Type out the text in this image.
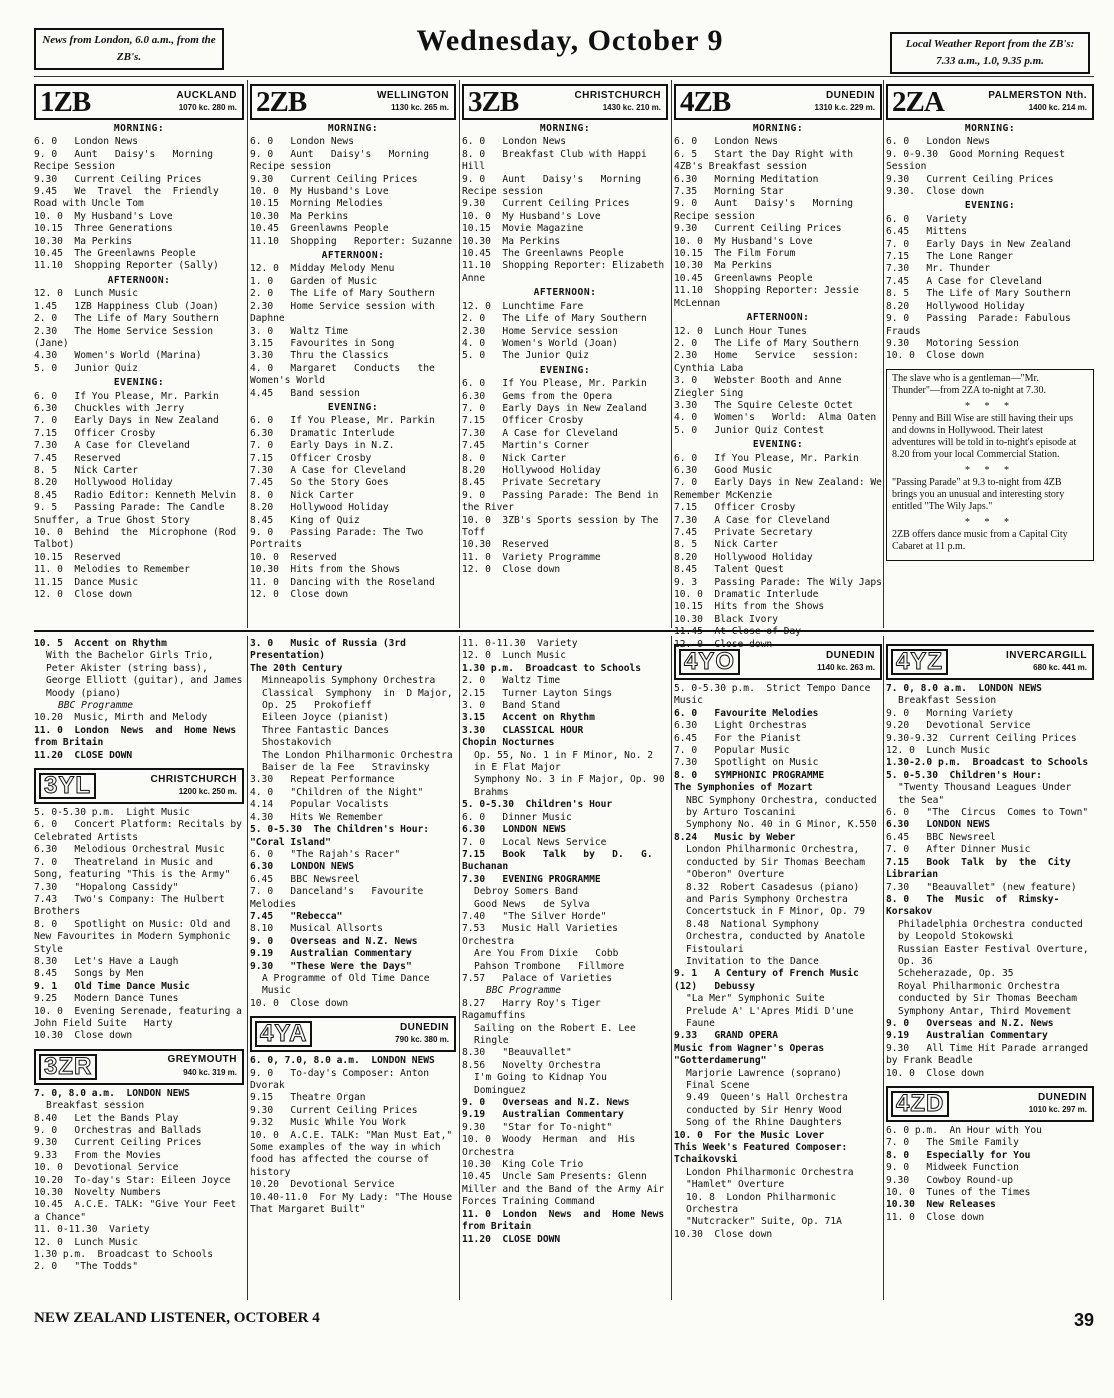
News from London, 6.0 a.m., from the ZB's.
Wednesday, October 9	Local Weather Report from the ZB's: 7.33 a.m., 1.0, 9.35 p.m.
1ZB	AUCKLAND
1070 kc. 280 m.
MORNING:
6. 0   London News
9. 0   Aunt   Daisy's   Morning Recipe Session
9.30   Current Ceiling Prices
9.45   We  Travel  the  Friendly Road with Uncle Tom
10. 0  My Husband's Love
10.15  Three Generations
10.30  Ma Perkins
10.45  The Greenlawns People
11.10  Shopping Reporter (Sally)
AFTERNOON:
12. 0  Lunch Music
1.45   1ZB Happiness Club (Joan)
2. 0   The Life of Mary Southern
2.30   The Home Service Session (Jane)
4.30   Women's World (Marina)
5. 0   Junior Quiz
EVENING:
6. 0   If You Please, Mr. Parkin
6.30   Chuckles with Jerry
7. 0   Early Days in New Zealand
7.15   Officer Crosby
7.30   A Case for Cleveland
7.45   Reserved
8. 5   Nick Carter
8.20   Hollywood Holiday
8.45   Radio Editor: Kenneth Melvin
9. 5   Passing Parade: The Candle Snuffer, a True Ghost Story
10. 0  Behind  the  Microphone (Rod Talbot)
10.15  Reserved
11. 0  Melodies to Remember
11.15  Dance Music
12. 0  Close down
2ZB	WELLINGTON
1130 kc. 265 m.
MORNING:
6. 0   London News
9. 0   Aunt   Daisy's   Morning Recipe session
9.30   Current Ceiling Prices
10. 0  My Husband's Love
10.15  Morning Melodies
10.30  Ma Perkins
10.45  Greenlawns People
11.10  Shopping   Reporter: Suzanne
AFTERNOON:
12. 0  Midday Melody Menu
1. 0   Garden of Music
2. 0   The Life of Mary Southern
2.30   Home Service session with Daphne
3. 0   Waltz Time
3.15   Favourites in Song
3.30   Thru the Classics
4. 0   Margaret   Conducts   the Women's World
4.45   Band session
EVENING:
6. 0   If You Please, Mr. Parkin
6.30   Dramatic Interlude
7. 0   Early Days in N.Z.
7.15   Officer Crosby
7.30   A Case for Cleveland
7.45   So the Story Goes
8. 0   Nick Carter
8.20   Hollywood Holiday
8.45   King of Quiz
9. 0   Passing Parade: The Two Portraits
10. 0  Reserved
10.30  Hits from the Shows
11. 0  Dancing with the Roseland
12. 0  Close down
3ZB	CHRISTCHURCH
1430 kc. 210 m.
MORNING:
6. 0   London News
8. 0   Breakfast Club with Happi Hill
9. 0   Aunt   Daisy's   Morning Recipe session
9.30   Current Ceiling Prices
10. 0  My Husband's Love
10.15  Movie Magazine
10.30  Ma Perkins
10.45  The Greenlawns People
11.10  Shopping Reporter: Elizabeth Anne
AFTERNOON:
12. 0  Lunchtime Fare
2. 0   The Life of Mary Southern
2.30   Home Service session
4. 0   Women's World (Joan)
5. 0   The Junior Quiz
EVENING:
6. 0   If You Please, Mr. Parkin
6.30   Gems from the Opera
7. 0   Early Days in New Zealand
7.15   Officer Crosby
7.30   A Case for Cleveland
7.45   Martin's Corner
8. 0   Nick Carter
8.20   Hollywood Holiday
8.45   Private Secretary
9. 0   Passing Parade: The Bend in the River
10. 0  3ZB's Sports session by The Toff
10.30  Reserved
11. 0  Variety Programme
12. 0  Close down
4ZB	DUNEDIN
1310 k.c. 229 m.
MORNING:
6. 0   London News
6. 5   Start the Day Right with 4ZB's Breakfast session
6.30   Morning Meditation
7.35   Morning Star
9. 0   Aunt   Daisy's   Morning Recipe session
9.30   Current Ceiling Prices
10. 0  My Husband's Love
10.15  The Film Forum
10.30  Ma Perkins
10.45  Greenlawns People
11.10  Shopping Reporter: Jessie McLennan
AFTERNOON:
12. 0  Lunch Hour Tunes
2. 0   The Life of Mary Southern
2.30   Home   Service   session: Cynthia Laba
3. 0   Webster Booth and Anne Ziegler Sing
3.30   The Squire Celeste Octet
4. 0   Women's   World:  Alma Oaten
5. 0   Junior Quiz Contest
EVENING:
6. 0   If You Please, Mr. Parkin
6.30   Good Music
7. 0   Early Days in New Zealand: We Remember McKenzie
7.15   Officer Crosby
7.30   A Case for Cleveland
7.45   Private Secretary
8. 5   Nick Carter
8.20   Hollywood Holiday
8.45   Talent Quest
9. 3   Passing Parade: The Wily Japs
10. 0  Dramatic Interlude
10.15  Hits from the Shows
10.30  Black Ivory
11.45  At Close of Day
12. 0  Close down
2ZA	PALMERSTON Nth.
1400 kc. 214 m.
MORNING:
6. 0   London News
9. 0-9.30  Good Morning Request Session
9.30   Current Ceiling Prices
9.30.  Close down
EVENING:
6. 0   Variety
6.45   Mittens
7. 0   Early Days in New Zealand
7.15   The Lone Ranger
7.30   Mr. Thunder
7.45   A Case for Cleveland
8. 5   The Life of Mary Southern
8.20   Hollywood Holiday
9. 0   Passing  Parade: Fabulous Frauds
9.30   Motoring Session
10. 0  Close down

The slave who is a gentleman—"Mr. Thunder"—from 2ZA to-night at 7.30.

* * *

Penny and Bill Wise are still having their ups and downs in Hollywood. Their latest adventures will be told in to-night's episode at 8.20 from your local Commercial Station.

* * *

"Passing Parade" at 9.3 to-night from 4ZB brings you an unusual and interesting story entitled "The Wily Japs."

* * *

2ZB offers dance music from a Capital City Cabaret at 11 p.m.

10. 5  Accent on Rhythm
With the Bachelor Girls Trio, Peter Akister (string bass), George Elliott (guitar), and James Moody (piano)
BBC Programme
10.20  Music, Mirth and Melody
11. 0  London  News  and  Home News from Britain
11.20  CLOSE DOWN
3YL	CHRISTCHURCH
1200 kc. 250 m.
5. 0-5.30 p.m.  Light Music
6. 0   Concert Platform: Recitals by Celebrated Artists
6.30   Melodious Orchestral Music
7. 0   Theatreland in Music and Song, featuring "This is the Army"
7.30   "Hopalong Cassidy"
7.43   Two's Company: The Hulbert Brothers
8. 0   Spotlight on Music: Old and New Favourites in Modern Symphonic Style
8.30   Let's Have a Laugh
8.45   Songs by Men
9. 1   Old Time Dance Music
9.25   Modern Dance Tunes
10. 0  Evening Serenade, featuring a John Field Suite   Harty
10.30  Close down
3ZR	GREYMOUTH
940 kc. 319 m.
7. 0, 8.0 a.m.  LONDON NEWS
Breakfast session
8.40   Let the Bands Play
9. 0   Orchestras and Ballads
9.30   Current Ceiling Prices
9.33   From the Movies
10. 0  Devotional Service
10.20  To-day's Star: Eileen Joyce
10.30  Novelty Numbers
10.45  A.C.E. TALK: "Give Your Feet a Chance"
11. 0-11.30  Variety
12. 0  Lunch Music
1.30 p.m.  Broadcast to Schools
2. 0   "The Todds"
3. 0   Music of Russia (3rd Presentation)
The 20th Century
Minneapolis Symphony Orchestra
Classical  Symphony  in  D Major, Op. 25   Prokofieff
Eileen Joyce (pianist)
Three Fantastic Dances   Shostakovich
The London Philharmonic Orchestra
Baiser de la Fee   Stravinsky
3.30   Repeat Performance
4. 0   "Children of the Night"
4.14   Popular Vocalists
4.30   Hits We Remember
5. 0-5.30  The Children's Hour: "Coral Island"
6. 0   "The Rajah's Racer"
6.30   LONDON NEWS
6.45   BBC Newsreel
7. 0   Danceland's   Favourite Melodies
7.45   "Rebecca"
8.10   Musical Allsorts
9. 0   Overseas and N.Z. News
9.19   Australian Commentary
9.30   "These Were the Days"
A Programme of Old Time Dance Music
10. 0  Close down
4YA	DUNEDIN
790 kc. 380 m.
6. 0, 7.0, 8.0 a.m.  LONDON NEWS
9. 0   To-day's Composer: Anton Dvorak
9.15   Theatre Organ
9.30   Current Ceiling Prices
9.32   Music While You Work
10. 0  A.C.E. TALK: "Man Must Eat," Some examples of the way in which food has affected the course of history
10.20  Devotional Service
10.40-11.0  For My Lady: "The House That Margaret Built"
11. 0-11.30  Variety
12. 0  Lunch Music
1.30 p.m.  Broadcast to Schools
2. 0   Waltz Time
2.15   Turner Layton Sings
3. 0   Band Stand
3.15   Accent on Rhythm
3.30   CLASSICAL HOUR
Chopin Nocturnes
Op. 55, No. 1 in F Minor, No. 2 in E Flat Major
Symphony No. 3 in F Major, Op. 90   Brahms
5. 0-5.30  Children's Hour
6. 0   Dinner Music
6.30   LONDON NEWS
7. 0   Local News Service
7.15   Book   Talk   by   D.   G. Buchanan
7.30   EVENING PROGRAMME
Debroy Somers Band
Good News   de Sylva
7.40   "The Silver Horde"
7.53   Music Hall Varieties Orchestra
Are You From Dixie   Cobb
Pahson Trombone   Fillmore
7.57   Palace of Varieties
BBC Programme
8.27   Harry Roy's Tiger Ragamuffins
Sailing on the Robert E. Lee   Ringle
8.30   "Beauvallet"
8.56   Novelty Orchestra
I'm Going to Kidnap You   Dominguez
9. 0   Overseas and N.Z. News
9.19   Australian Commentary
9.30   "Star for To-night"
10. 0  Woody  Herman  and  His Orchestra
10.30  King Cole Trio
10.45  Uncle Sam Presents: Glenn Miller and the Band of the Army Air Forces Training Command
11. 0  London  News  and  Home News from Britain
11.20  CLOSE DOWN
4YO	DUNEDIN
1140 kc. 263 m.
5. 0-5.30 p.m.  Strict Tempo Dance Music
6. 0   Favourite Melodies
6.30   Light Orchestras
6.45   For the Pianist
7. 0   Popular Music
7.30   Spotlight on Music
8. 0   SYMPHONIC PROGRAMME
The Symphonies of Mozart
NBC Symphony Orchestra, conducted by Arturo Toscanini
Symphony No. 40 in G Minor, K.550
8.24   Music by Weber
London Philharmonic Orchestra, conducted by Sir Thomas Beecham
"Oberon" Overture
8.32  Robert Casadesus (piano) and Paris Symphony Orchestra
Concertstuck in F Minor, Op. 79
8.48  National Symphony Orchestra, conducted by Anatole Fistoulari
Invitation to the Dance
9. 1   A Century of French Music (12)   Debussy
"La Mer" Symphonic Suite
Prelude A' L'Apres Midi D'une Faune
9.33   GRAND OPERA
Music from Wagner's Operas "Gotterdamerung"
Marjorie Lawrence (soprano)
Final Scene
9.49  Queen's Hall Orchestra conducted by Sir Henry Wood
Song of the Rhine Daughters
10. 0  For the Music Lover
This Week's Featured Composer: Tchaikovski
London Philharmonic Orchestra "Hamlet" Overture
10. 8  London Philharmonic Orchestra
"Nutcracker" Suite, Op. 71A
10.30  Close down
4YZ	INVERCARGILL
680 kc. 441 m.
7. 0, 8.0 a.m.  LONDON NEWS
Breakfast Session
9. 0   Morning Variety
9.20   Devotional Service
9.30-9.32  Current Ceiling Prices
12. 0  Lunch Music
1.30-2.0 p.m.  Broadcast to Schools
5. 0-5.30  Children's Hour:
"Twenty Thousand Leagues Under the Sea"
6. 0   "The  Circus  Comes to Town"
6.30   LONDON NEWS
6.45   BBC Newsreel
7. 0   After Dinner Music
7.15   Book  Talk  by  the  City Librarian
7.30   "Beauvallet" (new feature)
8. 0   The  Music  of  Rimsky-Korsakov
Philadelphia Orchestra conducted by Leopold Stokowski
Russian Easter Festival Overture, Op. 36
Scheherazade, Op. 35
Royal Philharmonic Orchestra conducted by Sir Thomas Beecham
Symphony Antar, Third Movement
9. 0   Overseas and N.Z. News
9.19   Australian Commentary
9.30   All Time Hit Parade arranged by Frank Beadle
10. 0  Close down
4ZD	DUNEDIN
1010 kc. 297 m.
6. 0 p.m.  An Hour with You
7. 0   The Smile Family
8. 0   Especially for You
9. 0   Midweek Function
9.30   Cowboy Round-up
10. 0  Tunes of the Times
10.30  New Releases
11. 0  Close down
NEW ZEALAND LISTENER, OCTOBER 4	39
